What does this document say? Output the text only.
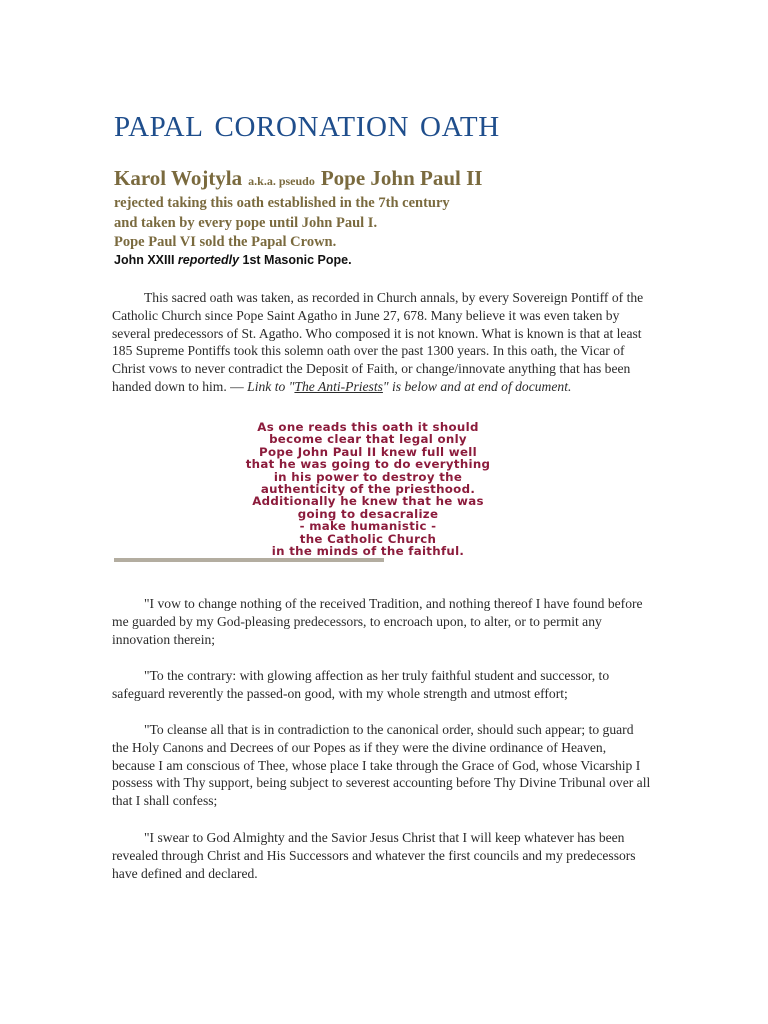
PAPAL CORONATION OATH
Karol Wojtyla a.k.a. pseudo Pope John Paul II
rejected taking this oath established in the 7th century
and taken by every pope until John Paul I.
Pope Paul VI sold the Papal Crown.
John XXIII reportedly 1st Masonic Pope.

This sacred oath was taken, as recorded in Church annals, by every Sovereign Pontiff of the Catholic Church since Pope Saint Agatho in June 27, 678. Many believe it was even taken by several predecessors of St. Agatho. Who composed it is not known. What is known is that at least 185 Supreme Pontiffs took this solemn oath over the past 1300 years. In this oath, the Vicar of Christ vows to never contradict the Deposit of Faith, or change/innovate anything that has been handed down to him. — Link to "The Anti-Priests" is below and at end of document.

As one reads this oath it should
become clear that legal only
Pope John Paul II knew full well
that he was going to do everything
in his power to destroy the
authenticity of the priesthood.
Additionally he knew that he was
going to desacralize
- make humanistic -
the Catholic Church
in the minds of the faithful.

"I vow to change nothing of the received Tradition, and nothing thereof I have found before me guarded by my God-pleasing predecessors, to encroach upon, to alter, or to permit any innovation therein;

"To the contrary: with glowing affection as her truly faithful student and successor, to safeguard reverently the passed-on good, with my whole strength and utmost effort;

"To cleanse all that is in contradiction to the canonical order, should such appear; to guard the Holy Canons and Decrees of our Popes as if they were the divine ordinance of Heaven, because I am conscious of Thee, whose place I take through the Grace of God, whose Vicarship I possess with Thy support, being subject to severest accounting before Thy Divine Tribunal over all that I shall confess;

"I swear to God Almighty and the Savior Jesus Christ that I will keep whatever has been revealed through Christ and His Successors and whatever the first councils and my predecessors have defined and declared.
